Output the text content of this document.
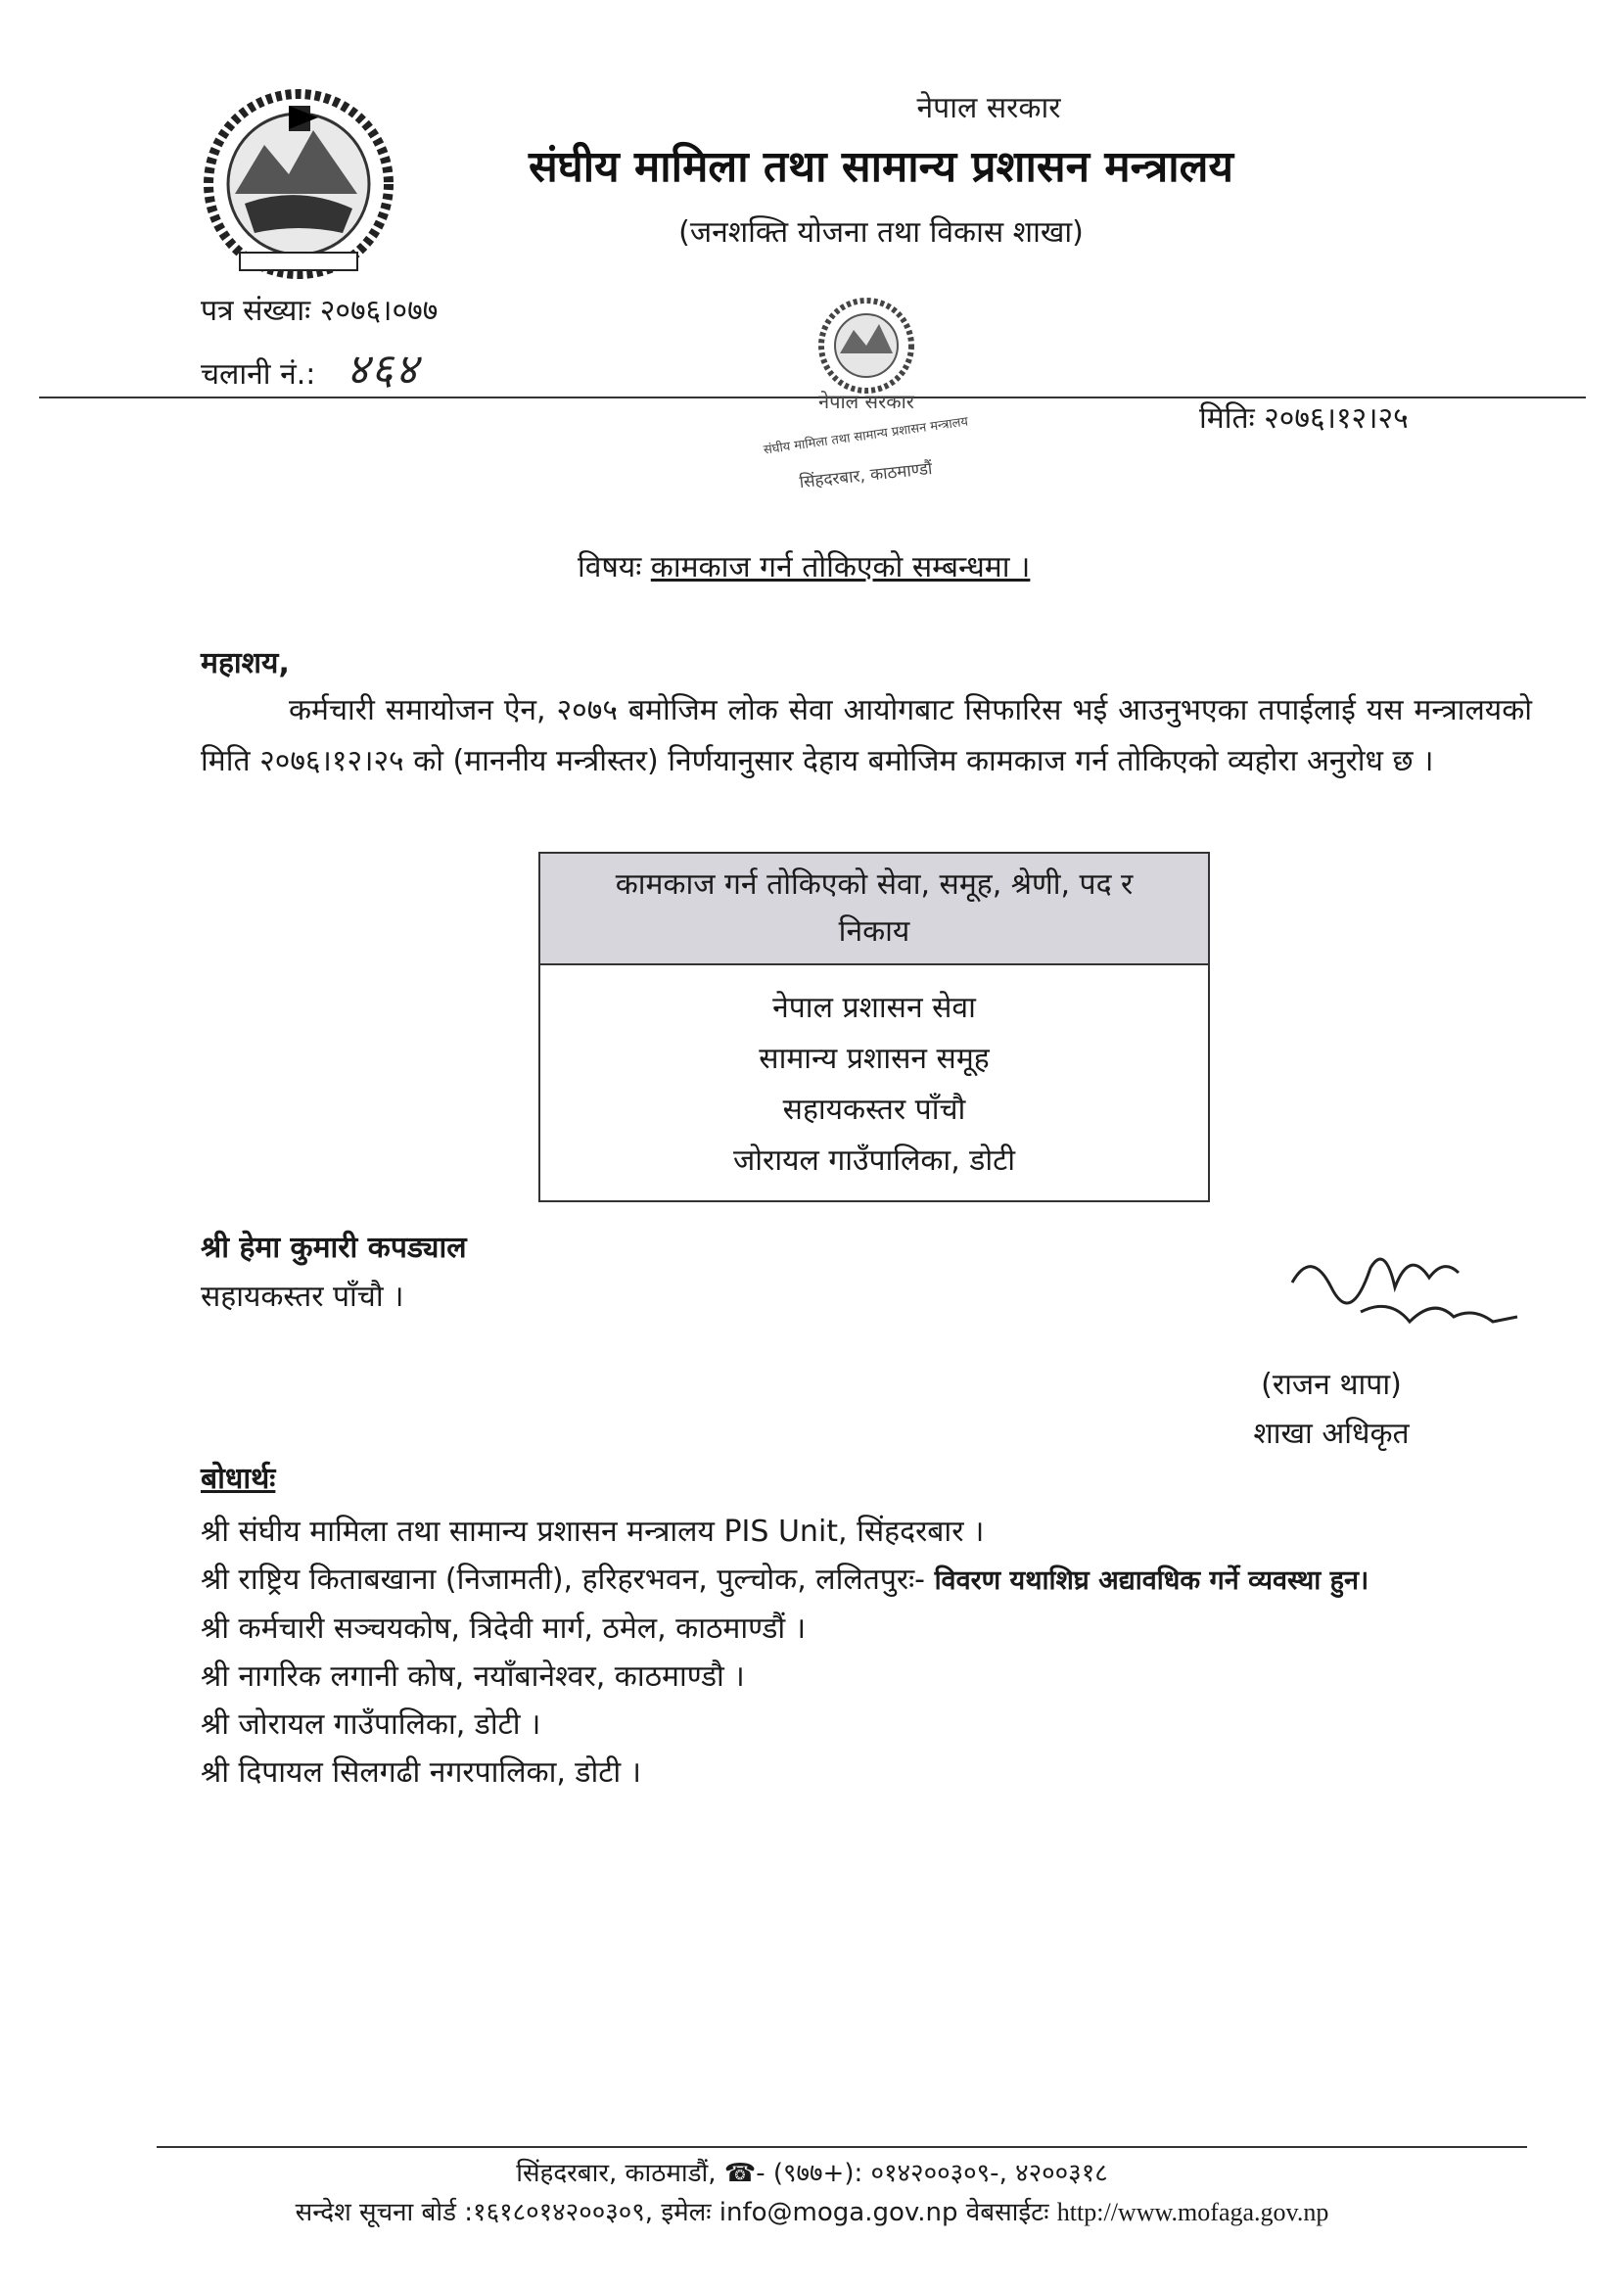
नेपाल सरकार
संघीय मामिला तथा सामान्य प्रशासन मन्त्रालय
(जनशक्ति योजना तथा विकास शाखा)
पत्र संख्याः २०७६।०७७
चलानी नं.: ४६४
नेपाल सरकार
संघीय मामिला तथा सामान्य प्रशासन मन्त्रालय
सिंहदरबार, काठमाण्डौं
मितिः २०७६।१२।२५
विषयः कामकाज गर्न तोकिएको सम्बन्धमा ।
महाशय,
कर्मचारी समायोजन ऐन, २०७५ बमोजिम लोक सेवा आयोगबाट सिफारिस भई आउनुभएका तपाईलाई यस मन्त्रालयको मिति २०७६।१२।२५ को (माननीय मन्त्रीस्तर) निर्णयानुसार देहाय बमोजिम कामकाज गर्न तोकिएको व्यहोरा अनुरोध छ ।
कामकाज गर्न तोकिएको सेवा, समूह, श्रेणी, पद र निकाय
नेपाल प्रशासन सेवा
सामान्य प्रशासन समूह
सहायकस्तर पाँचौ
जोरायल गाउँपालिका, डोटी
श्री हेमा कुमारी कपड्याल
सहायकस्तर पाँचौ ।
(राजन थापा)
शाखा अधिकृत
बोधार्थः
श्री संघीय मामिला तथा सामान्य प्रशासन मन्त्रालय PIS Unit, सिंहदरबार ।
श्री राष्ट्रिय किताबखाना (निजामती), हरिहरभवन, पुल्चोक, ललितपुरः- विवरण यथाशिघ्र अद्यावधिक गर्ने व्यवस्था हुन।
श्री कर्मचारी सञ्चयकोष, त्रिदेवी मार्ग, ठमेल, काठमाण्डौं ।
श्री नागरिक लगानी कोष, नयाँबानेश्वर, काठमाण्डौ ।
श्री जोरायल गाउँपालिका, डोटी ।
श्री दिपायल सिलगढी नगरपालिका, डोटी ।
सिंहदरबार, काठमाडौं, ☎- (९७७+): ०१४२००३०९-, ४२००३१८
सन्देश सूचना बोर्ड :१६१८०१४२००३०९, इमेलः info@moga.gov.np वेबसाईटः http://www.mofaga.gov.np
